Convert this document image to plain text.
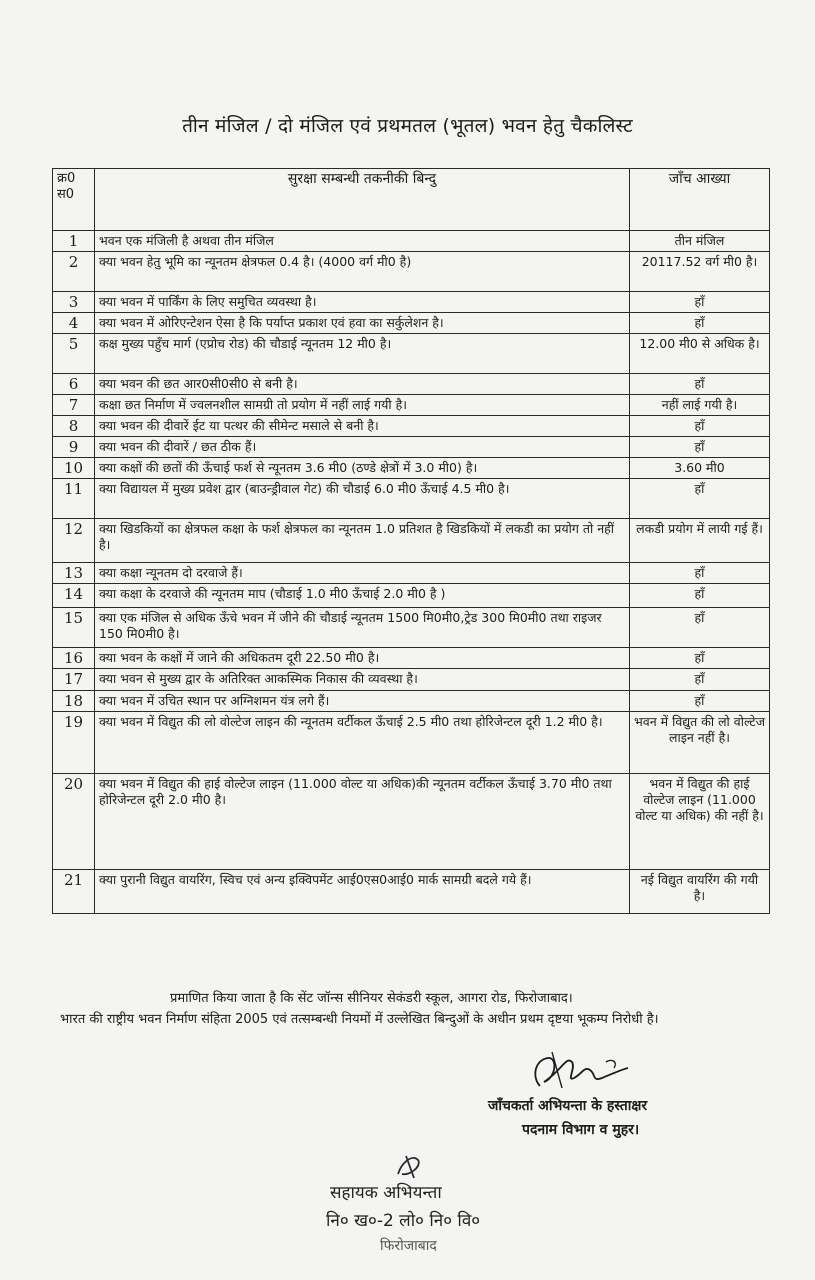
तीन मंजिल / दो मंजिल एवं प्रथमतल (भूतल) भवन हेतु चैकलिस्ट
क्र0 स0	सुरक्षा सम्बन्धी तकनीकी बिन्दु	जाँच आख्या
1	भवन एक मंजिली है अथवा तीन मंजिल	तीन मंजिल
2	क्या भवन हेतु भूमि का न्यूनतम क्षेत्रफल 0.4 है। (4000 वर्ग मी0 है)	20117.52 वर्ग मी0 है।
3	क्या भवन में पार्किंग के लिए समुचित व्यवस्था है।	हाँ
4	क्या भवन में ओरिएन्टेशन ऐसा है कि पर्याप्त प्रकाश एवं हवा का सर्कुलेशन है।	हाँ
5	कक्ष मुख्य पहुँच मार्ग (एप्रोच रोड) की चौडाई न्यूनतम 12 मी0 है।	12.00 मी0 से अधिक है।
6	क्या भवन की छत आर0सी0सी0 से बनी है।	हाँ
7	कक्षा छत निर्माण में ज्वलनशील सामग्री तो प्रयोग में नहीं लाई गयी है।	नहीं लाई गयी है।
8	क्या भवन की दीवारें ईट या पत्थर की सीमेन्ट मसाले से बनी है।	हाँ
9	क्या भवन की दीवारें / छत ठीक हैं।	हाँ
10	क्या कक्षों की छतों की ऊँचाई फर्श से न्यूनतम 3.6 मी0 (ठण्डे क्षेत्रों में 3.0 मी0) है।	3.60 मी0
11	क्या विद्यायल में मुख्य प्रवेश द्वार (बाउन्ड्रीवाल गेट) की चौडाई 6.0 मी0 ऊँचाई 4.5 मी0 है।	हाँ
12	क्या खिडकियों का क्षेत्रफल कक्षा के फर्श क्षेत्रफल का न्यूनतम 1.0 प्रतिशत है खिडकियों में लकडी का प्रयोग तो नहीं है।	लकडी प्रयोग में लायी गई हैं।
13	क्या कक्षा न्यूनतम दो दरवाजे हैं।	हाँ
14	क्या कक्षा के दरवाजे की न्यूनतम माप (चौडाई 1.0 मी0 ऊँचाई 2.0 मी0 है )	हाँ
15	क्या एक मंजिल से अधिक ऊँचे भवन में जीने की चौडाई न्यूनतम 1500 मि0मी0,ट्रेड 300 मि0मी0 तथा राइजर 150 मि0मी0 है।	हाँ
16	क्या भवन के कक्षों में जाने की अधिकतम दूरी 22.50 मी0 है।	हाँ
17	क्या भवन से मुख्य द्वार के अतिरिक्त आकस्मिक निकास की व्यवस्था है।	हाँ
18	क्या भवन में उचित स्थान पर अग्निशमन यंत्र लगे हैं।	हाँ
19	क्या भवन में विद्युत की लो वोल्टेज लाइन की न्यूनतम वर्टीकल ऊँचाई 2.5 मी0 तथा होरिजेन्टल दूरी 1.2 मी0 है।	भवन में विद्युत की लो वोल्टेज लाइन नहीं है।
20	क्या भवन में विद्युत की हाई वोल्टेज लाइन (11.000 वोल्ट या अधिक)की न्यूनतम वर्टीकल ऊँचाई 3.70 मी0 तथा होरिजेन्टल दूरी 2.0 मी0 है।	भवन में विद्युत की हाई वोल्टेज लाइन (11.000 वोल्ट या अधिक) की नहीं है।
21	क्या पुरानी विद्युत वायरिंग, स्विच एवं अन्य इक्विपमेंट आई0एस0आई0 मार्क सामग्री बदले गये हैं।	नई विद्युत वायरिंग की गयी है।

प्रमाणित किया जाता है कि सेंट जॉन्स सीनियर सेकंडरी स्कूल, आगरा रोड, फिरोजाबाद।

भारत की राष्ट्रीय भवन निर्माण संहिता 2005 एवं तत्सम्बन्धी नियमों में उल्लेखित बिन्दुओं के अधीन प्रथम दृष्टया भूकम्प निरोधी है।

जाँचकर्ता अभियन्ता के हस्ताक्षर
पदनाम विभाग व मुहर।
सहायक अभियन्ता
नि० ख०-2 लो० नि० वि०
फिरोजाबाद
